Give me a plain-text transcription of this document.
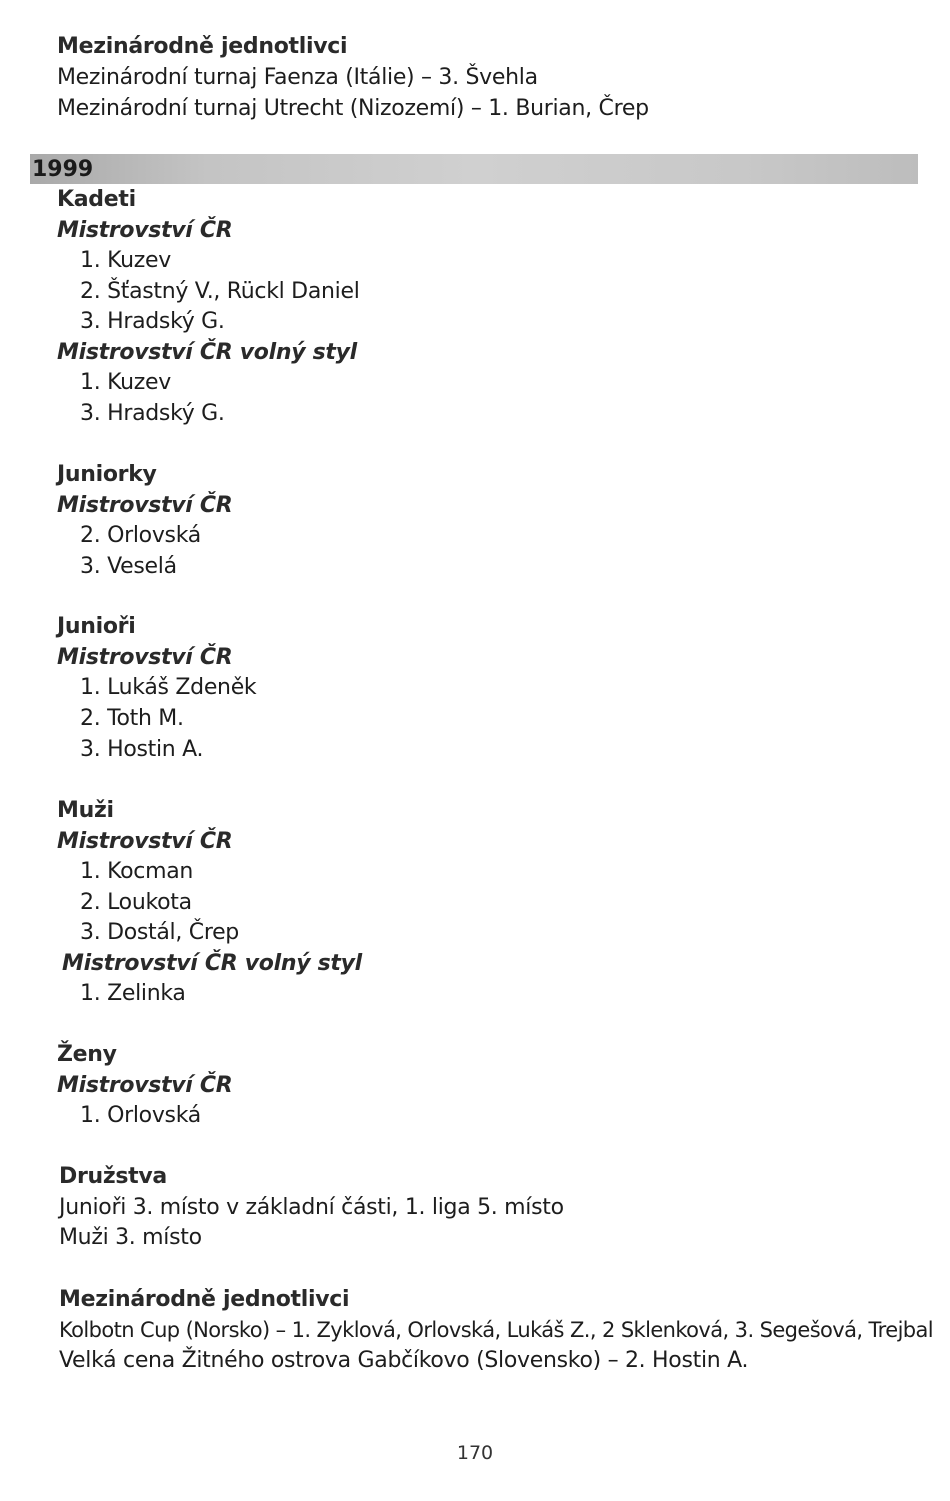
Mezinárodně jednotlivci
Mezinárodní turnaj Faenza (Itálie) – 3. Švehla
Mezinárodní turnaj Utrecht (Nizozemí) – 1. Burian, Črep
1999
Kadeti
Mistrovství ČR
1. Kuzev
2. Šťastný V., Rückl Daniel
3. Hradský G.
Mistrovství ČR volný styl
1. Kuzev
3. Hradský G.
Juniorky
Mistrovství ČR
2. Orlovská
3. Veselá
Junioři
Mistrovství ČR
1. Lukáš Zdeněk
2. Toth M.
3. Hostin A.
Muži
Mistrovství ČR
1. Kocman
2. Loukota
3. Dostál, Črep
Mistrovství ČR volný styl
1. Zelinka
Ženy
Mistrovství ČR
1. Orlovská
Družstva
Junioři 3. místo v základní části, 1. liga 5. místo
Muži 3. místo
Mezinárodně jednotlivci
Kolbotn Cup (Norsko) – 1. Zyklová, Orlovská, Lukáš Z., 2 Sklenková, 3. Segešová, Trejbal
Velká cena Žitného ostrova Gabčíkovo (Slovensko) – 2. Hostin A.
170
